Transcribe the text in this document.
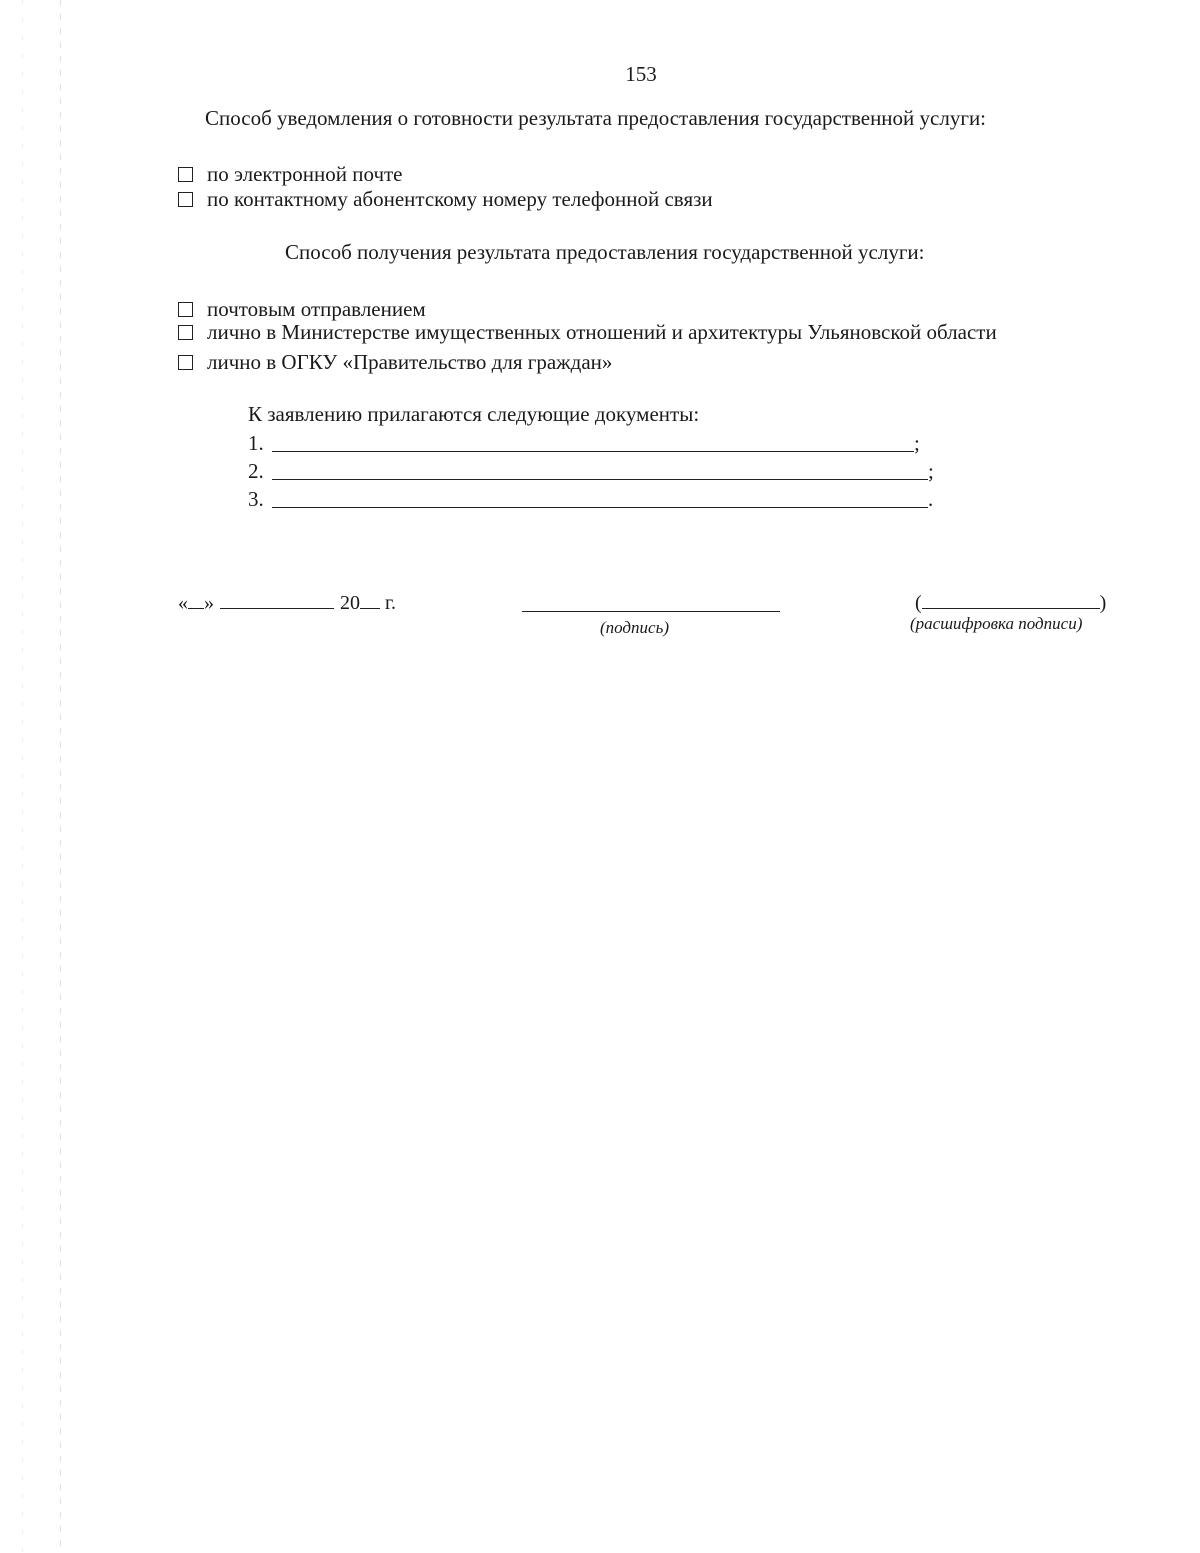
153
Способ уведомления о готовности результата предоставления государственной услуги:
по электронной почте
по контактному абонентскому номеру телефонной связи
Способ получения результата предоставления государственной услуги:
почтовым отправлением
лично в Министерстве имущественных отношений и архитектуры Ульяновской области
лично в ОГКУ «Правительство для граждан»
К заявлению прилагаются следующие документы:
1.	;
2.	;
3.	.
« »	20 г.
(подпись)
(	)
(расшифровка подписи)
